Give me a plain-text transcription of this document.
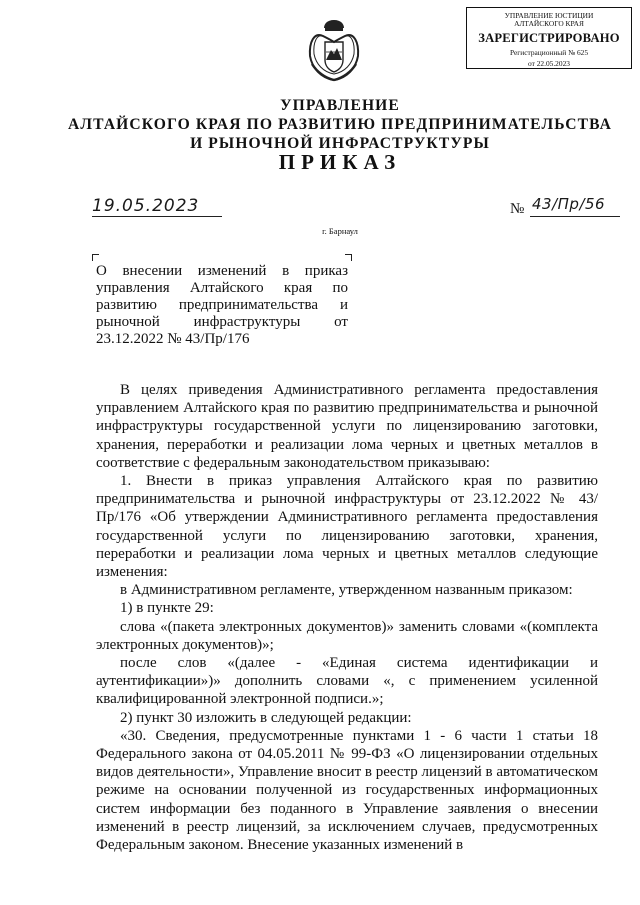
УПРАВЛЕНИЕ ЮСТИЦИИ
АЛТАЙСКОГО КРАЯ
ЗАРЕГИСТРИРОВАНО
Регистрационный № 625
от 22.05.2023
УПРАВЛЕНИЕ
АЛТАЙСКОГО КРАЯ ПО РАЗВИТИЮ ПРЕДПРИНИМАТЕЛЬСТВА
И РЫНОЧНОЙ ИНФРАСТРУКТУРЫ
ПРИКАЗ
19.05.2023	№ 43/Пр/56
г. Барнаул
О внесении изменений в приказ
управления Алтайского края по
развитию предпринимательства и
рыночной инфраструктуры от
23.12.2022 № 43/Пр/176

В целях приведения Административного регламента предоставления управлением Алтайского края по развитию предпринимательства и рыночной инфраструктуры государственной услуги по лицензированию заготовки, хранения, переработки и реализации лома черных и цветных металлов в соответствие с федеральным законодательством приказываю:

1. Внести в приказ управления Алтайского края по развитию предпринимательства и рыночной инфраструктуры от 23.12.2022 № 43/Пр/176 «Об утверждении Административного регламента предоставления государственной услуги по лицензированию заготовки, хранения, переработки и реализации лома черных и цветных металлов следующие изменения:

в Административном регламенте, утвержденном названным приказом:

1) в пункте 29:

слова «(пакета электронных документов)» заменить словами «(комплекта электронных документов)»;

после слов «(далее - «Единая система идентификации и аутентификации»)» дополнить словами «, с применением усиленной квалифицированной электронной подписи.»;

2) пункт 30 изложить в следующей редакции:

«30. Сведения, предусмотренные пунктами 1 - 6 части 1 статьи 18 Федерального закона от 04.05.2011 № 99-ФЗ «О лицензировании отдельных видов деятельности», Управление вносит в реестр лицензий в автоматическом режиме на основании полученной из государственных информационных систем информации без поданного в Управление заявления о внесении изменений в реестр лицензий, за исключением случаев, предусмотренных Федеральным законом. Внесение указанных изменений в
